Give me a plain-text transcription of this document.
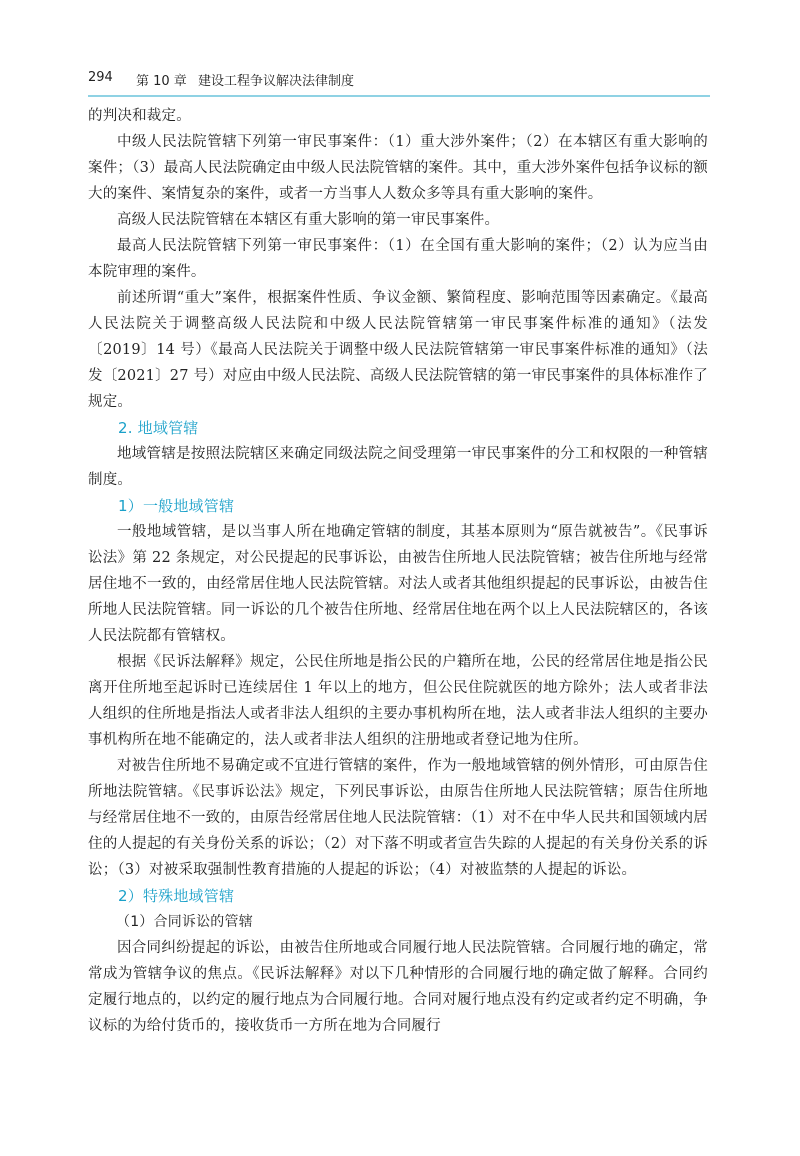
294 第 10 章 建设工程争议解决法律制度

的判决和裁定。

中级人民法院管辖下列第一审民事案件：（1）重大涉外案件；（2）在本辖区有重大影响的案件；（3）最高人民法院确定由中级人民法院管辖的案件。其中，重大涉外案件包括争议标的额大的案件、案情复杂的案件，或者一方当事人人数众多等具有重大影响的案件。

高级人民法院管辖在本辖区有重大影响的第一审民事案件。

最高人民法院管辖下列第一审民事案件：（1）在全国有重大影响的案件；（2）认为应当由本院审理的案件。

前述所谓“重大”案件，根据案件性质、争议金额、繁简程度、影响范围等因素确定。《最高人民法院关于调整高级人民法院和中级人民法院管辖第一审民事案件标准的通知》（法发〔2019〕14 号）《最高人民法院关于调整中级人民法院管辖第一审民事案件标准的通知》（法发〔2021〕27 号）对应由中级人民法院、高级人民法院管辖的第一审民事案件的具体标准作了规定。

2. 地域管辖

地域管辖是按照法院辖区来确定同级法院之间受理第一审民事案件的分工和权限的一种管辖制度。

1）一般地域管辖

一般地域管辖，是以当事人所在地确定管辖的制度，其基本原则为“原告就被告”。《民事诉讼法》第 22 条规定，对公民提起的民事诉讼，由被告住所地人民法院管辖；被告住所地与经常居住地不一致的，由经常居住地人民法院管辖。对法人或者其他组织提起的民事诉讼，由被告住所地人民法院管辖。同一诉讼的几个被告住所地、经常居住地在两个以上人民法院辖区的，各该人民法院都有管辖权。

根据《民诉法解释》规定，公民住所地是指公民的户籍所在地，公民的经常居住地是指公民离开住所地至起诉时已连续居住 1 年以上的地方，但公民住院就医的地方除外；法人或者非法人组织的住所地是指法人或者非法人组织的主要办事机构所在地，法人或者非法人组织的主要办事机构所在地不能确定的，法人或者非法人组织的注册地或者登记地为住所。

对被告住所地不易确定或不宜进行管辖的案件，作为一般地域管辖的例外情形，可由原告住所地法院管辖。《民事诉讼法》规定，下列民事诉讼，由原告住所地人民法院管辖；原告住所地与经常居住地不一致的，由原告经常居住地人民法院管辖：（1）对不在中华人民共和国领域内居住的人提起的有关身份关系的诉讼；（2）对下落不明或者宣告失踪的人提起的有关身份关系的诉讼；（3）对被采取强制性教育措施的人提起的诉讼；（4）对被监禁的人提起的诉讼。

2）特殊地域管辖

（1）合同诉讼的管辖

因合同纠纷提起的诉讼，由被告住所地或合同履行地人民法院管辖。合同履行地的确定，常常成为管辖争议的焦点。《民诉法解释》对以下几种情形的合同履行地的确定做了解释。合同约定履行地点的，以约定的履行地点为合同履行地。合同对履行地点没有约定或者约定不明确，争议标的为给付货币的，接收货币一方所在地为合同履行
